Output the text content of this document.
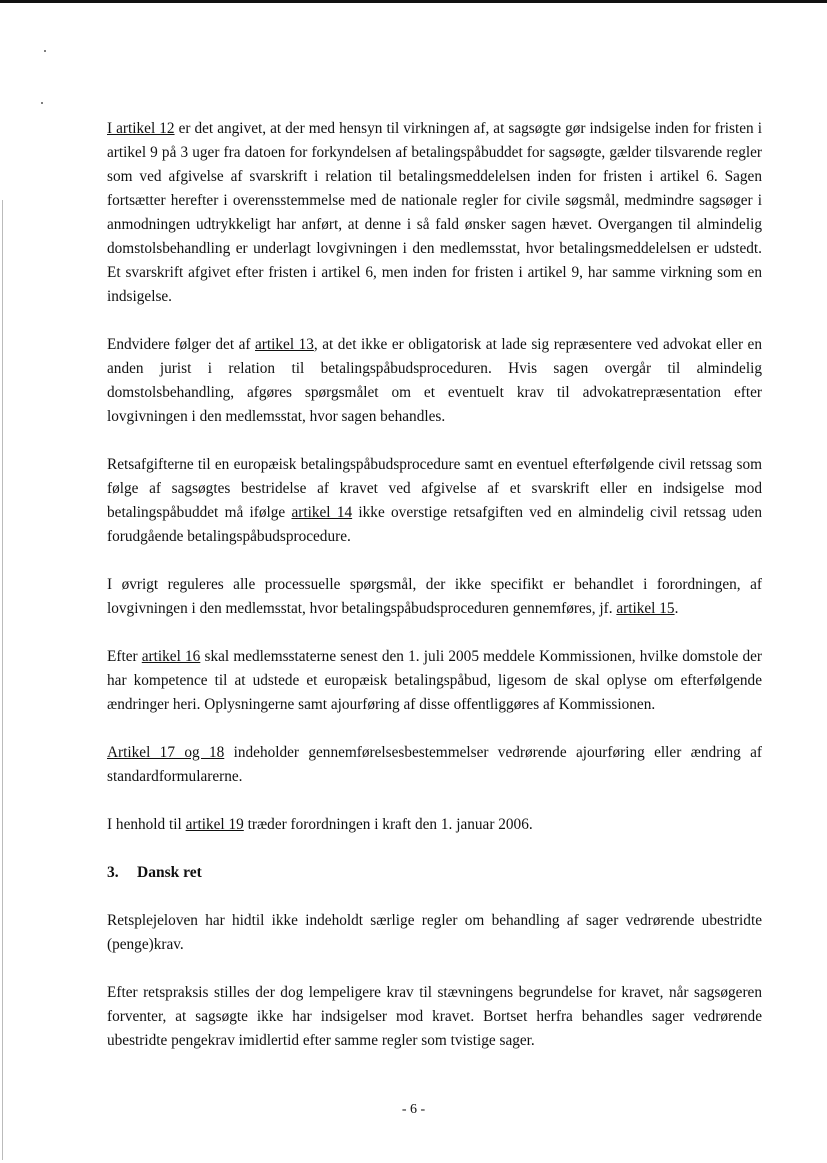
I artikel 12 er det angivet, at der med hensyn til virkningen af, at sagsøgte gør indsigelse inden for fristen i artikel 9 på 3 uger fra datoen for forkyndelsen af betalingspåbuddet for sagsøgte, gælder tilsvarende regler som ved afgivelse af svarskrift i relation til betalingsmeddelelsen inden for fristen i artikel 6. Sagen fortsætter herefter i overensstemmelse med de nationale regler for civile søgsmål, medmindre sagsøger i anmodningen udtrykkeligt har anført, at denne i så fald ønsker sagen hævet. Overgangen til almindelig domstolsbehandling er underlagt lovgivningen i den medlemsstat, hvor betalingsmeddelelsen er udstedt. Et svarskrift afgivet efter fristen i artikel 6, men inden for fristen i artikel 9, har samme virkning som en indsigelse.

Endvidere følger det af artikel 13, at det ikke er obligatorisk at lade sig repræsentere ved advokat eller en anden jurist i relation til betalingspåbudsproceduren. Hvis sagen overgår til almindelig domstolsbehandling, afgøres spørgsmålet om et eventuelt krav til advokatrepræsentation efter lovgivningen i den medlemsstat, hvor sagen behandles.

Retsafgifterne til en europæisk betalingspåbudsprocedure samt en eventuel efterfølgende civil retssag som følge af sagsøgtes bestridelse af kravet ved afgivelse af et svarskrift eller en indsigelse mod betalingspåbuddet må ifølge artikel 14 ikke overstige retsafgiften ved en almindelig civil retssag uden forudgående betalingspåbudsprocedure.

I øvrigt reguleres alle processuelle spørgsmål, der ikke specifikt er behandlet i forordningen, af lovgivningen i den medlemsstat, hvor betalingspåbudsproceduren gennemføres, jf. artikel 15.

Efter artikel 16 skal medlemsstaterne senest den 1. juli 2005 meddele Kommissionen, hvilke domstole der har kompetence til at udstede et europæisk betalingspåbud, ligesom de skal oplyse om efterfølgende ændringer heri. Oplysningerne samt ajourføring af disse offentliggøres af Kommissionen.

Artikel 17 og 18 indeholder gennemførelsesbestemmelser vedrørende ajourføring eller ændring af standardformularerne.

I henhold til artikel 19 træder forordningen i kraft den 1. januar 2006.

3. Dansk ret

Retsplejeloven har hidtil ikke indeholdt særlige regler om behandling af sager vedrørende ubestridte (penge)krav.

Efter retspraksis stilles der dog lempeligere krav til stævningens begrundelse for kravet, når sagsøgeren forventer, at sagsøgte ikke har indsigelser mod kravet. Bortset herfra behandles sager vedrørende ubestridte pengekrav imidlertid efter samme regler som tvistige sager.

- 6 -
